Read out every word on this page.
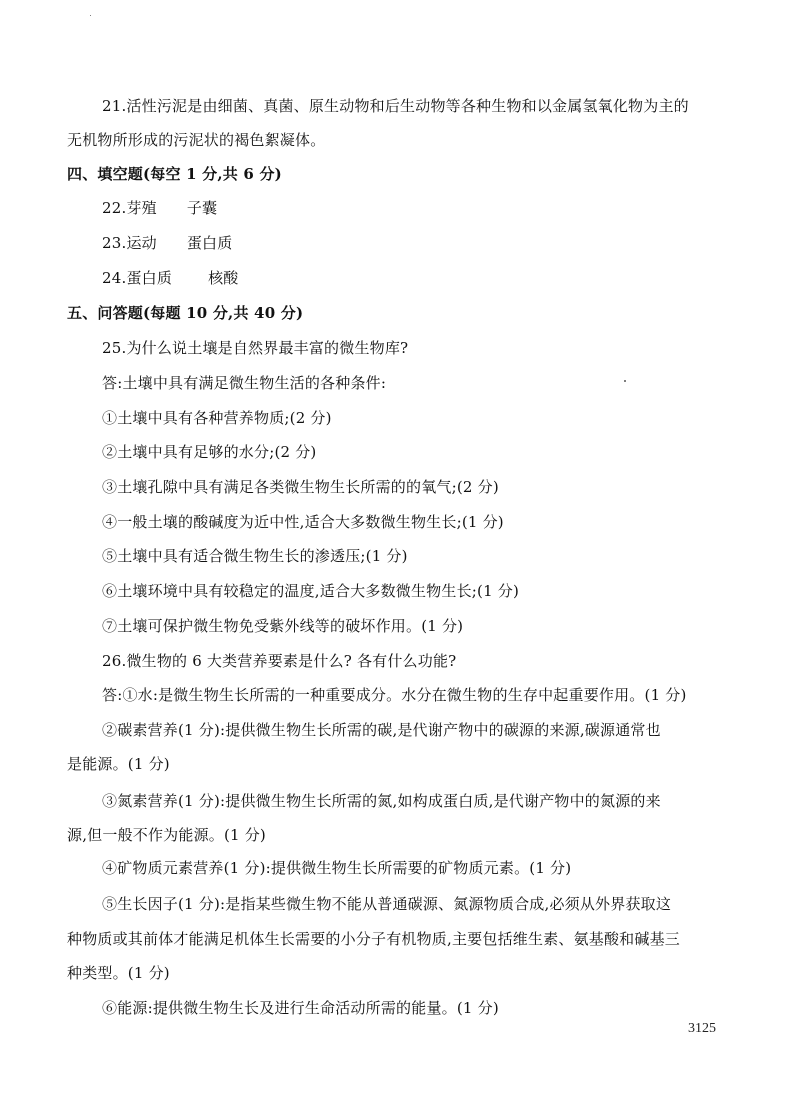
21.活性污泥是由细菌、真菌、原生动物和后生动物等各种生物和以金属氢氧化物为主的
无机物所形成的污泥状的褐色絮凝体。
四、填空题(每空 1 分,共 6 分)
22.芽殖 子囊
23.运动 蛋白质
24.蛋白质 核酸
五、问答题(每题 10 分,共 40 分)
25.为什么说土壤是自然界最丰富的微生物库?
答:土壤中具有满足微生物生活的各种条件:
①土壤中具有各种营养物质;(2 分)
②土壤中具有足够的水分;(2 分)
③土壤孔隙中具有满足各类微生物生长所需的的氧气;(2 分)
④一般土壤的酸碱度为近中性,适合大多数微生物生长;(1 分)
⑤土壤中具有适合微生物生长的渗透压;(1 分)
⑥土壤环境中具有较稳定的温度,适合大多数微生物生长;(1 分)
⑦土壤可保护微生物免受紫外线等的破坏作用。(1 分)
26.微生物的 6 大类营养要素是什么? 各有什么功能?
答:①水:是微生物生长所需的一种重要成分。水分在微生物的生存中起重要作用。(1 分)
②碳素营养(1 分):提供微生物生长所需的碳,是代谢产物中的碳源的来源,碳源通常也
是能源。(1 分)
③氮素营养(1 分):提供微生物生长所需的氮,如构成蛋白质,是代谢产物中的氮源的来
源,但一般不作为能源。(1 分)
④矿物质元素营养(1 分):提供微生物生长所需要的矿物质元素。(1 分)
⑤生长因子(1 分):是指某些微生物不能从普通碳源、氮源物质合成,必须从外界获取这
种物质或其前体才能满足机体生长需要的小分子有机物质,主要包括维生素、氨基酸和碱基三
种类型。(1 分)
⑥能源:提供微生物生长及进行生命活动所需的能量。(1 分)
3125
